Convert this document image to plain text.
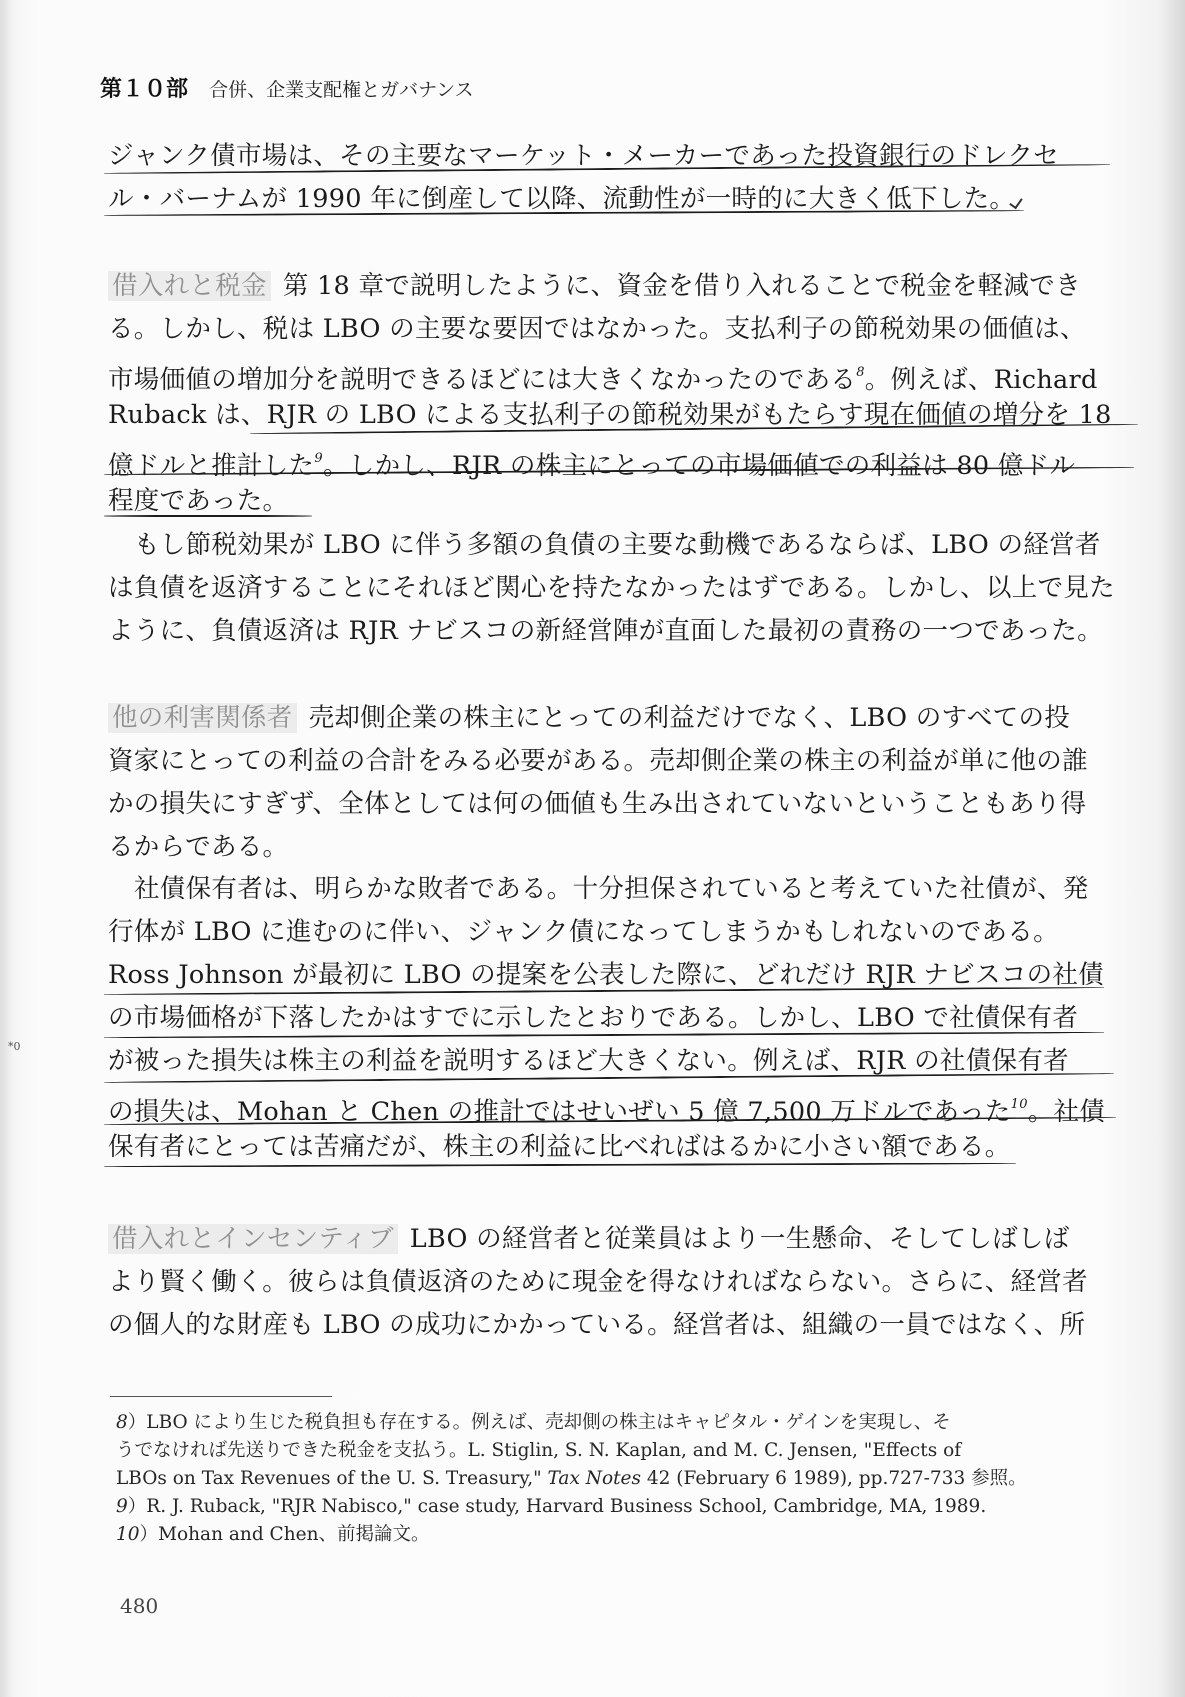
第１０部 合併、企業支配権とガバナンス
ジャンク債市場は、その主要なマーケット・メーカーであった投資銀行のドレクセ
ル・バーナムが 1990 年に倒産して以降、流動性が一時的に大きく低下した。
借入れと税金 第 18 章で説明したように、資金を借り入れることで税金を軽減でき
る。しかし、税は LBO の主要な要因ではなかった。支払利子の節税効果の価値は、
市場価値の増加分を説明できるほどには大きくなかったのである$^8$。例えば、Richard
Ruback は、RJR の LBO による支払利子の節税効果がもたらす現在価値の増分を 18
億ドルと推計した$^9$。しかし、RJR の株主にとっての市場価値での利益は 80 億ドル
程度であった。
もし節税効果が LBO に伴う多額の負債の主要な動機であるならば、LBO の経営者
は負債を返済することにそれほど関心を持たなかったはずである。しかし、以上で見た
ように、負債返済は RJR ナビスコの新経営陣が直面した最初の責務の一つであった。
他の利害関係者 売却側企業の株主にとっての利益だけでなく、LBO のすべての投
資家にとっての利益の合計をみる必要がある。売却側企業の株主の利益が単に他の誰
かの損失にすぎず、全体としては何の価値も生み出されていないということもあり得
るからである。
社債保有者は、明らかな敗者である。十分担保されていると考えていた社債が、発
行体が LBO に進むのに伴い、ジャンク債になってしまうかもしれないのである。
Ross Johnson が最初に LBO の提案を公表した際に、どれだけ RJR ナビスコの社債
の市場価格が下落したかはすでに示したとおりである。しかし、LBO で社債保有者
が被った損失は株主の利益を説明するほど大きくない。例えば、RJR の社債保有者
の損失は、Mohan と Chen の推計ではせいぜい 5 億 7,500 万ドルであった$^{10}$。社債
保有者にとっては苦痛だが、株主の利益に比べればはるかに小さい額である。
借入れとインセンティブ LBO の経営者と従業員はより一生懸命、そしてしばしば
より賢く働く。彼らは負債返済のために現金を得なければならない。さらに、経営者
の個人的な財産も LBO の成功にかかっている。経営者は、組織の一員ではなく、所
*0
8）LBO により生じた税負担も存在する。例えば、売却側の株主はキャピタル・ゲインを実現し、そ
うでなければ先送りできた税金を支払う。L. Stiglin, S. N. Kaplan, and M. C. Jensen, "Effects of
LBOs on Tax Revenues of the U. S. Treasury," Tax Notes 42 (February 6 1989), pp.727-733 参照。
9）R. J. Ruback, "RJR Nabisco," case study, Harvard Business School, Cambridge, MA, 1989.
10）Mohan and Chen、前掲論文。
480
